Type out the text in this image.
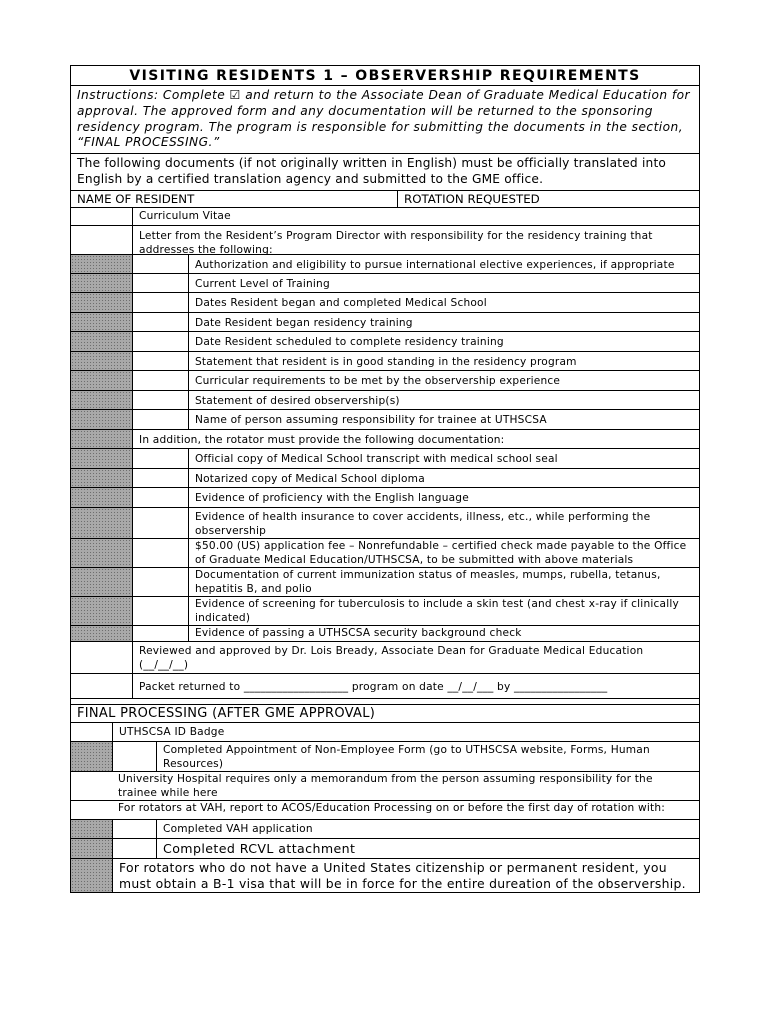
VISITING RESIDENTS 1 – OBSERVERSHIP REQUIREMENTS
Instructions: Complete ☑ and return to the Associate Dean of Graduate Medical Education for approval. The approved form and any documentation will be returned to the sponsoring residency program. The program is responsible for submitting the documents in the section, “FINAL PROCESSING.”
The following documents (if not originally written in English) must be officially translated into English by a certified translation agency and submitted to the GME office.
NAME OF RESIDENT	ROTATION REQUESTED
Curriculum Vitae
Letter from the Resident’s Program Director with responsibility for the residency training that addresses the following:
Authorization and eligibility to pursue international elective experiences, if appropriate
Current Level of Training
Dates Resident began and completed Medical School
Date Resident began residency training
Date Resident scheduled to complete residency training
Statement that resident is in good standing in the residency program
Curricular requirements to be met by the observership experience
Statement of desired observership(s)
Name of person assuming responsibility for trainee at UTHSCSA
In addition, the rotator must provide the following documentation:
Official copy of Medical School transcript with medical school seal
Notarized copy of Medical School diploma
Evidence of proficiency with the English language
Evidence of health insurance to cover accidents, illness, etc., while performing the observership
$50.00 (US) application fee – Nonrefundable – certified check made payable to the Office of Graduate Medical Education/UTHSCSA, to be submitted with above materials
Documentation of current immunization status of measles, mumps, rubella, tetanus, hepatitis B, and polio
Evidence of screening for tuberculosis to include a skin test (and chest x-ray if clinically indicated)
Evidence of passing a UTHSCSA security background check
Reviewed and approved by Dr. Lois Bready, Associate Dean for Graduate Medical Education (__/__/__)
Packet returned to ___________________ program on date __/__/___ by _________________
FINAL PROCESSING (AFTER GME APPROVAL)
UTHSCSA ID Badge
Completed Appointment of Non-Employee Form (go to UTHSCSA website, Forms, Human Resources)
University Hospital requires only a memorandum from the person assuming responsibility for the trainee while here
For rotators at VAH, report to ACOS/Education Processing on or before the first day of rotation with:
Completed VAH application
Completed RCVL attachment
For rotators who do not have a United States citizenship or permanent resident, you must obtain a B-1 visa that will be in force for the entire dureation of the observership.
